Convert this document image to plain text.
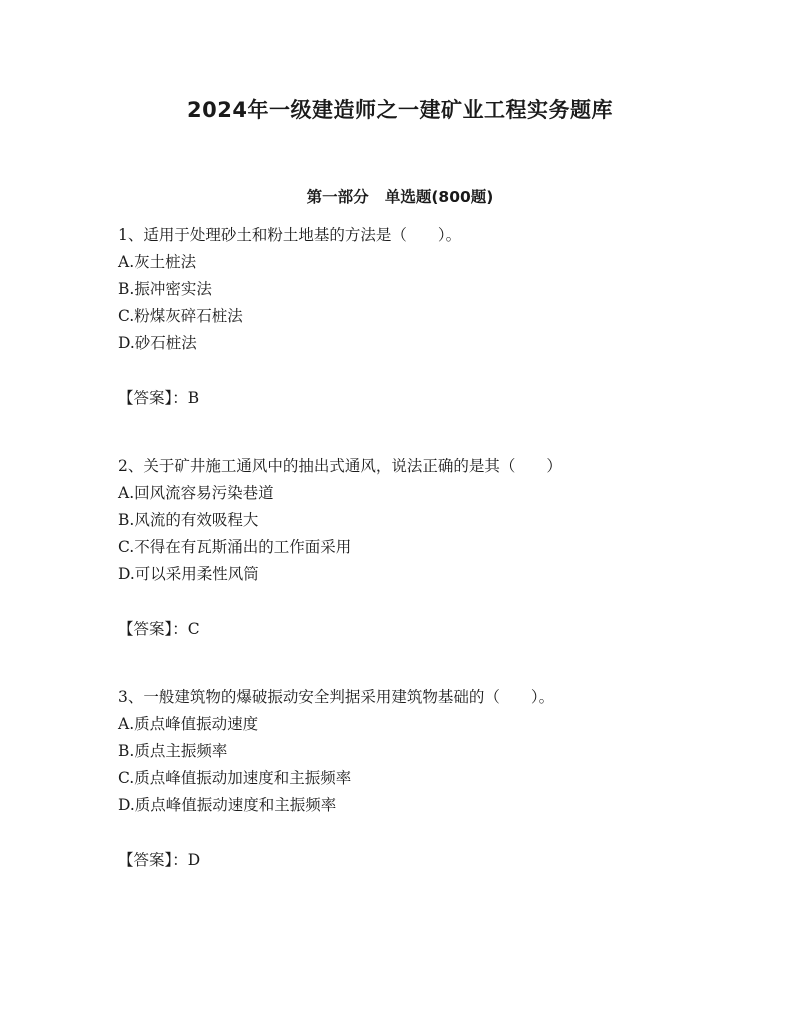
2024年一级建造师之一建矿业工程实务题库
第一部分   单选题(800题)
1、适用于处理砂土和粉土地基的方法是（　　）。
A.灰土桩法
B.振冲密实法
C.粉煤灰碎石桩法
D.砂石桩法
【答案】：B
2、关于矿井施工通风中的抽出式通风，说法正确的是其（　　）
A.回风流容易污染巷道
B.风流的有效吸程大
C.不得在有瓦斯涌出的工作面采用
D.可以采用柔性风筒
【答案】：C
3、一般建筑物的爆破振动安全判据采用建筑物基础的（　　）。
A.质点峰值振动速度
B.质点主振频率
C.质点峰值振动加速度和主振频率
D.质点峰值振动速度和主振频率
【答案】：D
